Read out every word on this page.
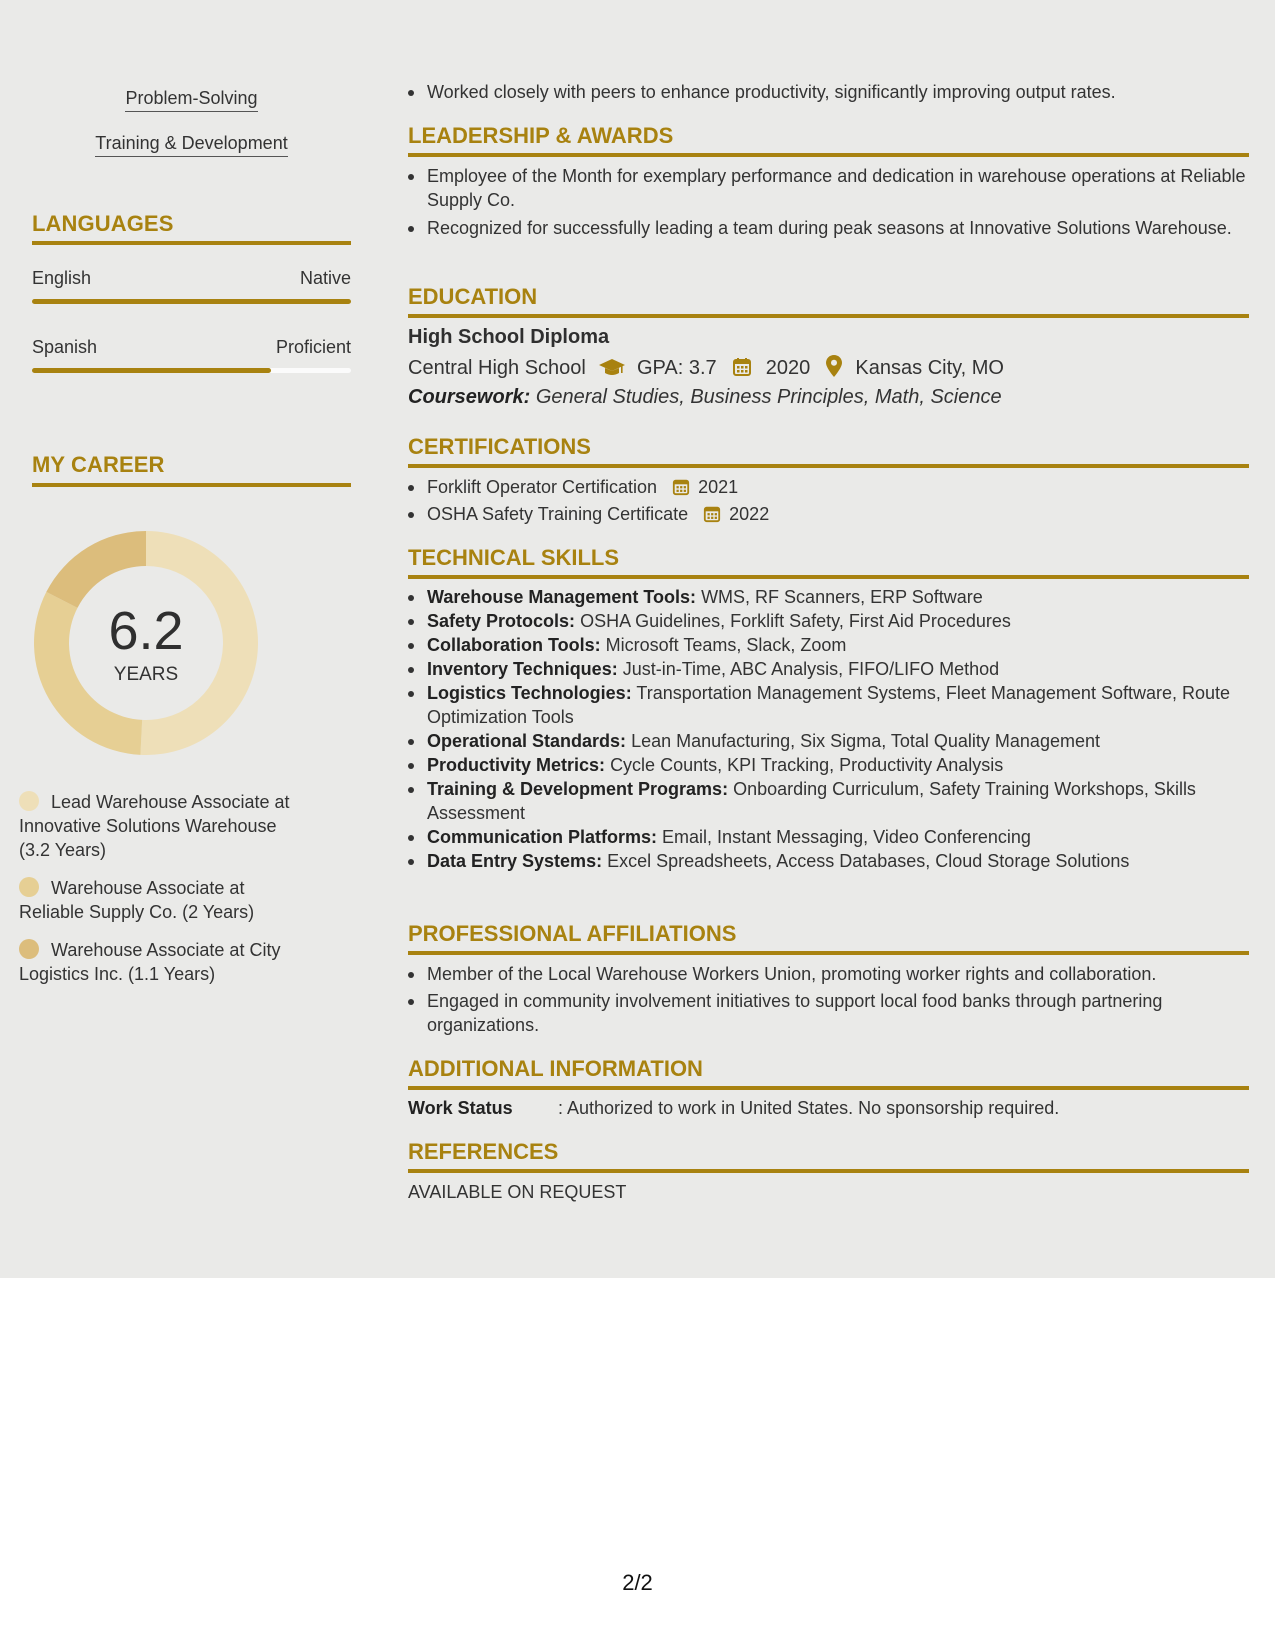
Problem-Solving
Training & Development
LANGUAGES
English	Native
Spanish	Proficient
MY CAREER
6.2
YEARS
Lead Warehouse Associate at Innovative Solutions Warehouse (3.2 Years)
Warehouse Associate at Reliable Supply Co. (2 Years)
Warehouse Associate at City Logistics Inc. (1.1 Years)
Worked closely with peers to enhance productivity, significantly improving output rates.
LEADERSHIP & AWARDS
Employee of the Month for exemplary performance and dedication in warehouse operations at Reliable Supply Co.
Recognized for successfully leading a team during peak seasons at Innovative Solutions Warehouse.
EDUCATION
High School Diploma
Central High School	GPA: 3.7 2020 Kansas City, MO
Coursework: General Studies, Business Principles, Math, Science
CERTIFICATIONS
Forklift Operator Certification 2021
OSHA Safety Training Certificate 2022
TECHNICAL SKILLS
Warehouse Management Tools: WMS, RF Scanners, ERP Software
Safety Protocols: OSHA Guidelines, Forklift Safety, First Aid Procedures
Collaboration Tools: Microsoft Teams, Slack, Zoom
Inventory Techniques: Just-in-Time, ABC Analysis, FIFO/LIFO Method
Logistics Technologies: Transportation Management Systems, Fleet Management Software, Route Optimization Tools
Operational Standards: Lean Manufacturing, Six Sigma, Total Quality Management
Productivity Metrics: Cycle Counts, KPI Tracking, Productivity Analysis
Training & Development Programs: Onboarding Curriculum, Safety Training Workshops, Skills Assessment
Communication Platforms: Email, Instant Messaging, Video Conferencing
Data Entry Systems: Excel Spreadsheets, Access Databases, Cloud Storage Solutions
PROFESSIONAL AFFILIATIONS
Member of the Local Warehouse Workers Union, promoting worker rights and collaboration.
Engaged in community involvement initiatives to support local food banks through partnering organizations.
ADDITIONAL INFORMATION
Work Status	: Authorized to work in United States. No sponsorship required.
REFERENCES
AVAILABLE ON REQUEST
2/2
